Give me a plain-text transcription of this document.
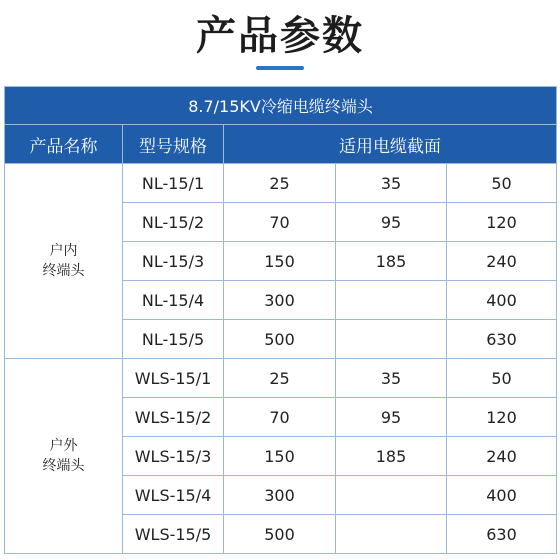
产品参数
8.7/15KV冷缩电缆终端头				
产品名称	型号规格	适用电缆截面		
户内
终端头	NL-15/1	25	35	50
	NL-15/2	70	95	120
	NL-15/3	150	185	240
	NL-15/4	300		400
	NL-15/5	500		630
户外
终端头	WLS-15/1	25	35	50
	WLS-15/2	70	95	120
	WLS-15/3	150	185	240
	WLS-15/4	300		400
	WLS-15/5	500		630
